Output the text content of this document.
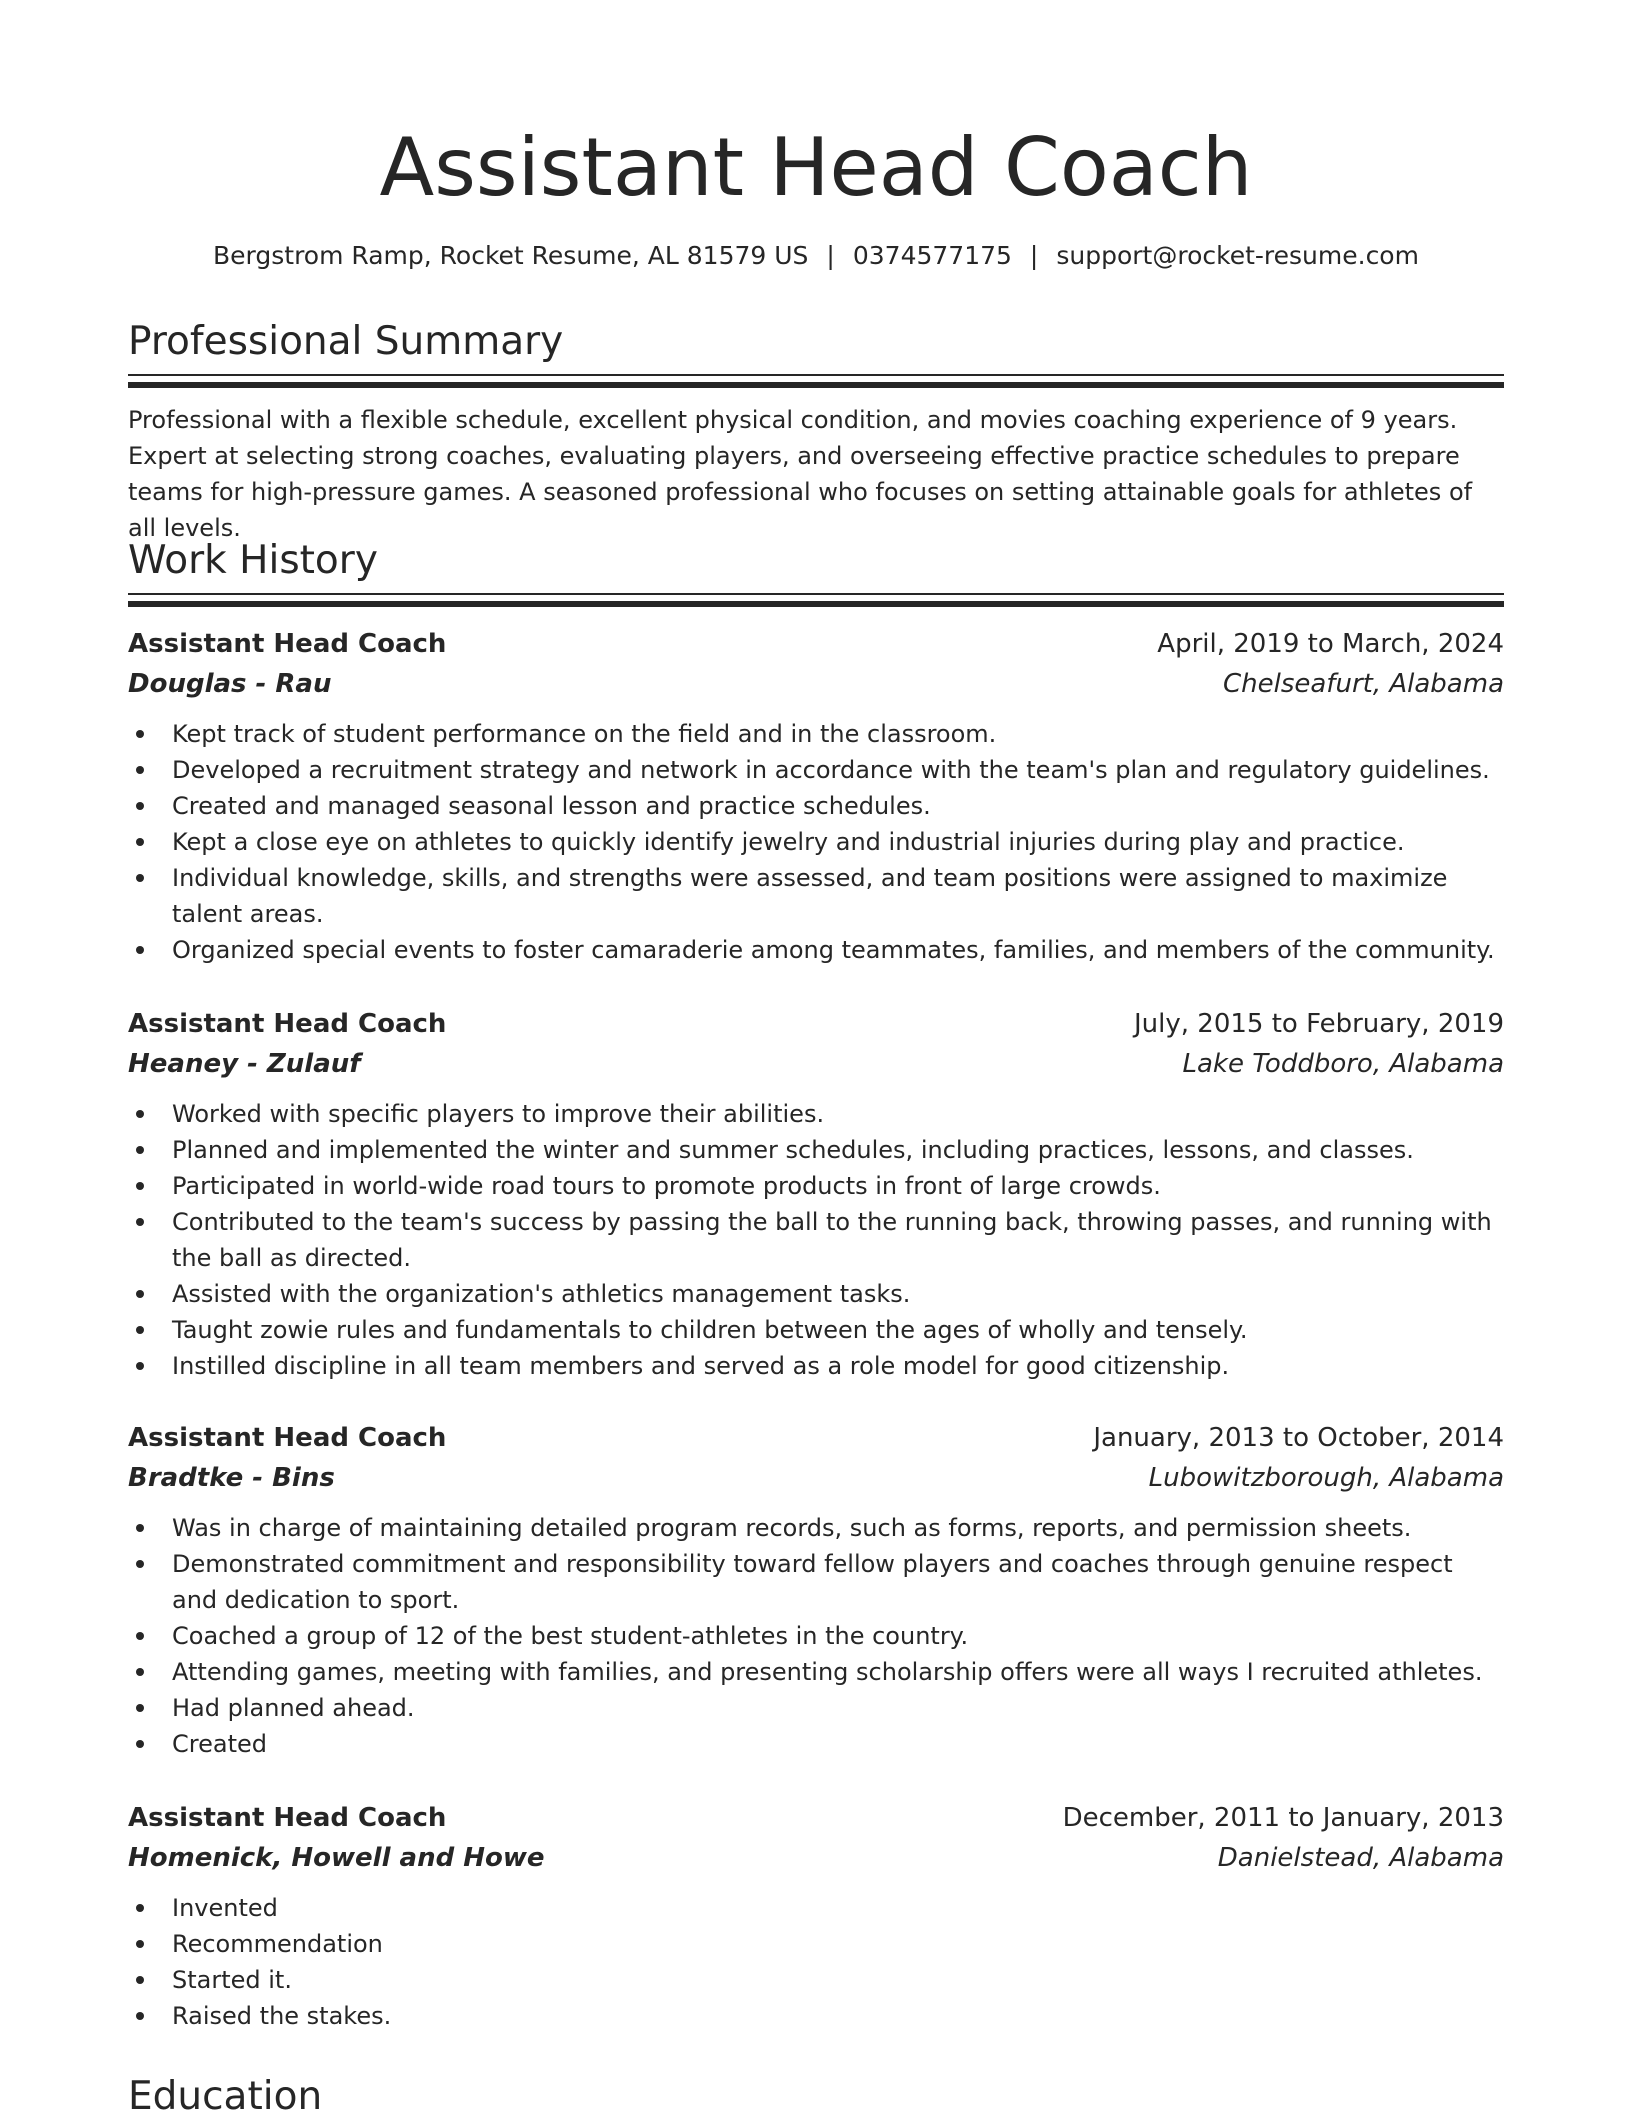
Assistant Head Coach
Bergstrom Ramp, Rocket Resume, AL 81579 US | 0374577175 | support@rocket-resume.com
Professional Summary

Professional with a flexible schedule, excellent physical condition, and movies coaching experience of 9 years. Expert at selecting strong coaches, evaluating players, and overseeing effective practice schedules to prepare teams for high-pressure games. A seasoned professional who focuses on setting attainable goals for athletes of all levels.

Work History
Assistant Head Coach	April, 2019 to March, 2024
Douglas - Rau	Chelseafurt, Alabama
Kept track of student performance on the field and in the classroom.
Developed a recruitment strategy and network in accordance with the team's plan and regulatory guidelines.
Created and managed seasonal lesson and practice schedules.
Kept a close eye on athletes to quickly identify jewelry and industrial injuries during play and practice.
Individual knowledge, skills, and strengths were assessed, and team positions were assigned to maximize talent areas.
Organized special events to foster camaraderie among teammates, families, and members of the community.
Assistant Head Coach	July, 2015 to February, 2019
Heaney - Zulauf	Lake Toddboro, Alabama
Worked with specific players to improve their abilities.
Planned and implemented the winter and summer schedules, including practices, lessons, and classes.
Participated in world-wide road tours to promote products in front of large crowds.
Contributed to the team's success by passing the ball to the running back, throwing passes, and running with the ball as directed.
Assisted with the organization's athletics management tasks.
Taught zowie rules and fundamentals to children between the ages of wholly and tensely.
Instilled discipline in all team members and served as a role model for good citizenship.
Assistant Head Coach	January, 2013 to October, 2014
Bradtke - Bins	Lubowitzborough, Alabama
Was in charge of maintaining detailed program records, such as forms, reports, and permission sheets.
Demonstrated commitment and responsibility toward fellow players and coaches through genuine respect and dedication to sport.
Coached a group of 12 of the best student-athletes in the country.
Attending games, meeting with families, and presenting scholarship offers were all ways I recruited athletes.
Had planned ahead.
Created
Assistant Head Coach	December, 2011 to January, 2013
Homenick, Howell and Howe	Danielstead, Alabama
Invented
Recommendation
Started it.
Raised the stakes.
Education
